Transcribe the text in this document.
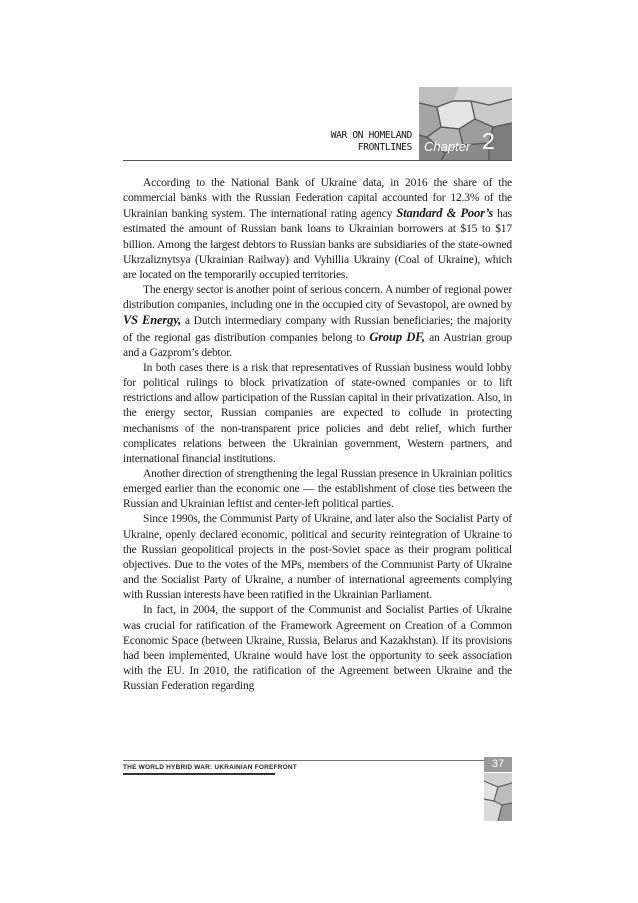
WAR ON HOMELAND
FRONTLINES Chapter 2

According to the National Bank of Ukraine data, in 2016 the share of the commercial banks with the Russian Federation capital accounted for 12.3% of the Ukrainian banking system. The international rating agency Standard & Poor’s has estimated the amount of Russian bank loans to Ukrainian borrowers at $15 to $17 billion. Among the largest debtors to Russian banks are subsidiaries of the state-owned Ukrzaliznytsya (Ukrainian Railway) and Vyhillia Ukrainy (Coal of Ukraine), which are located on the temporarily occupied territories.

The energy sector is another point of serious concern. A number of regional power distribution companies, including one in the occupied city of Sevastopol, are owned by VS Energy, a Dutch intermediary company with Russian beneficiaries; the majority of the regional gas distribution companies belong to Group DF, an Austrian group and a Gazprom’s debtor.

In both cases there is a risk that representatives of Russian business would lobby for political rulings to block privatization of state-owned companies or to lift restrictions and allow participation of the Russian capital in their privatization. Also, in the energy sector, Russian companies are expected to collude in protecting mechanisms of the non-transparent price policies and debt relief, which further complicates relations between the Ukrainian government, Western partners, and international financial institutions.

Another direction of strengthening the legal Russian presence in Ukrainian politics emerged earlier than the economic one — the establishment of close ties between the Russian and Ukrainian leftist and center-left political parties.

Since 1990s, the Communist Party of Ukraine, and later also the Socialist Party of Ukraine, openly declared economic, political and security reintegration of Ukraine to the Russian geopolitical projects in the post-Soviet space as their program political objectives. Due to the votes of the MPs, members of the Communist Party of Ukraine and the Socialist Party of Ukraine, a number of international agreements complying with Russian interests have been ratified in the Ukrainian Parliament.

In fact, in 2004, the support of the Communist and Socialist Parties of Ukraine was crucial for ratification of the Framework Agreement on Creation of a Common Economic Space (between Ukraine, Russia, Belarus and Kazakhstan). If its provisions had been implemented, Ukraine would have lost the opportunity to seek association with the EU. In 2010, the ratification of the Agreement between Ukraine and the Russian Federation regarding

THE WORLD HYBRID WAR: UKRAINIAN FOREFRONT	37
